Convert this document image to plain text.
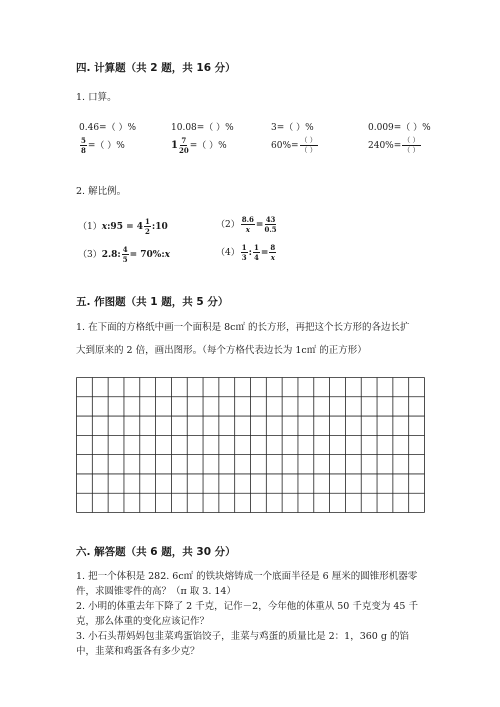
四. 计算题（共 2 题，共 16 分）
1. 口算。
0.46=（ ）%	10.08=（ ）%	3=（ ）%	0.009=（ ）%
$\frac{5}{8}$ =（ ）%	$1 \frac{7}{20}$ =（ ）%	$60\%= \frac{( )}{( )}$	$240\%= \frac{( )}{( )}$
2. 解比例。
（1）x:95 = $4 \frac{1}{2}$ :10	$(2) \frac{8.6}{x} = \frac{43}{0.5}$
（3）2.8: $\frac{4}{5}$ = 70%:x	$(4) \frac{1}{3}$ : $\frac{1}{4} = \frac{8}{x}$
五. 作图题（共 1 题，共 5 分）
1. 在下面的方格纸中画一个面积是 8c㎡ 的长方形，再把这个长方形的各边长扩
大到原来的 2 倍，画出图形。（每个方格代表边长为 1c㎡ 的正方形）
六. 解答题（共 6 题，共 30 分）
1. 把一个体积是 282. 6c㎡ 的铁块熔铸成一个底面半径是 6 厘米的圆锥形机器零
件，求圆锥零件的高？（π 取 3. 14）
2. 小明的体重去年下降了 2 千克，记作－2，今年他的体重从 50 千克变为 45 千
克，那么体重的变化应该记作？
3. 小石头帮妈妈包韭菜鸡蛋馅饺子，韭菜与鸡蛋的质量比是 2：1，360 g 的馅
中，韭菜和鸡蛋各有多少克？
